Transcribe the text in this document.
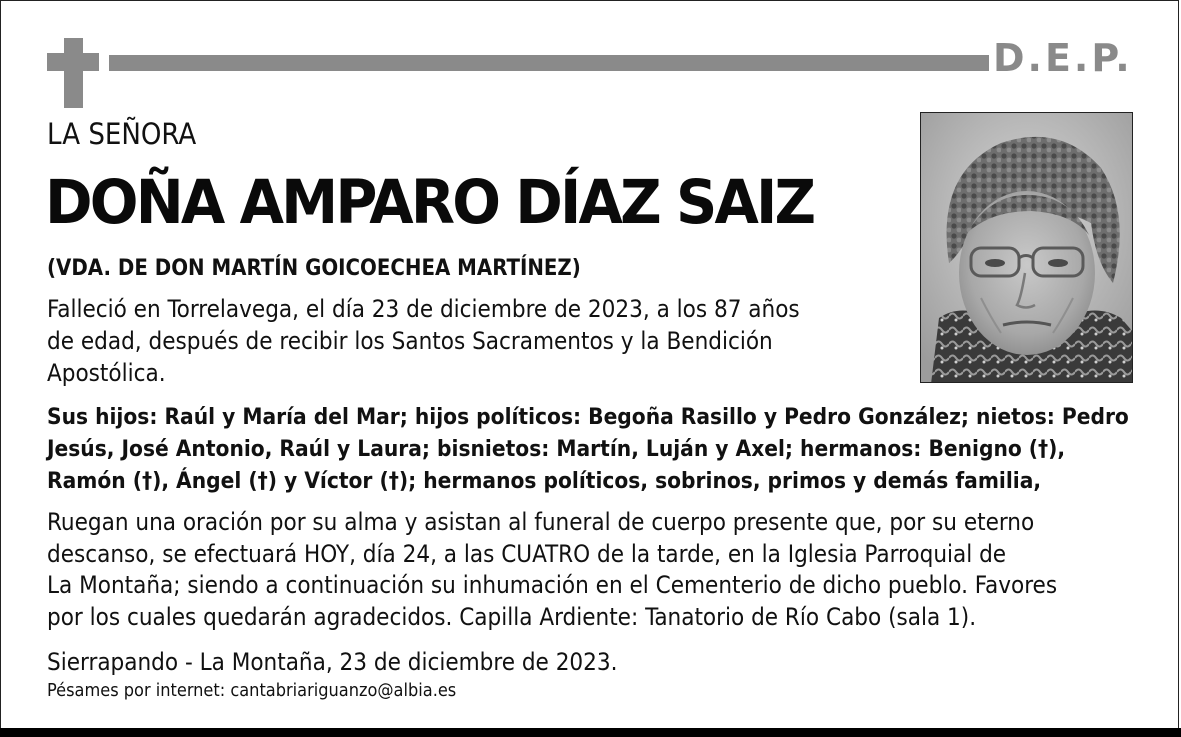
D.E.P.
LA SEÑORA
DOÑA AMPARO DÍAZ SAIZ
(VDA. DE DON MARTÍN GOICOECHEA MARTÍNEZ)

Falleció en Torrelavega, el día 23 de diciembre de 2023, a los 87 años
de edad, después de recibir los Santos Sacramentos y la Bendición
Apostólica.

Sus hijos: Raúl y María del Mar; hijos políticos: Begoña Rasillo y Pedro González; nietos: Pedro
Jesús, José Antonio, Raúl y Laura; bisnietos: Martín, Luján y Axel; hermanos: Benigno (†),
Ramón (†), Ángel (†) y Víctor (†); hermanos políticos, sobrinos, primos y demás familia,

Ruegan una oración por su alma y asistan al funeral de cuerpo presente que, por su eterno
descanso, se efectuará HOY, día 24, a las CUATRO de la tarde, en la Iglesia Parroquial de
La Montaña; siendo a continuación su inhumación en el Cementerio de dicho pueblo. Favores
por los cuales quedarán agradecidos. Capilla Ardiente: Tanatorio de Río Cabo (sala 1).

Sierrapando - La Montaña, 23 de diciembre de 2023.
Pésames por internet: cantabriariguanzo@albia.es
